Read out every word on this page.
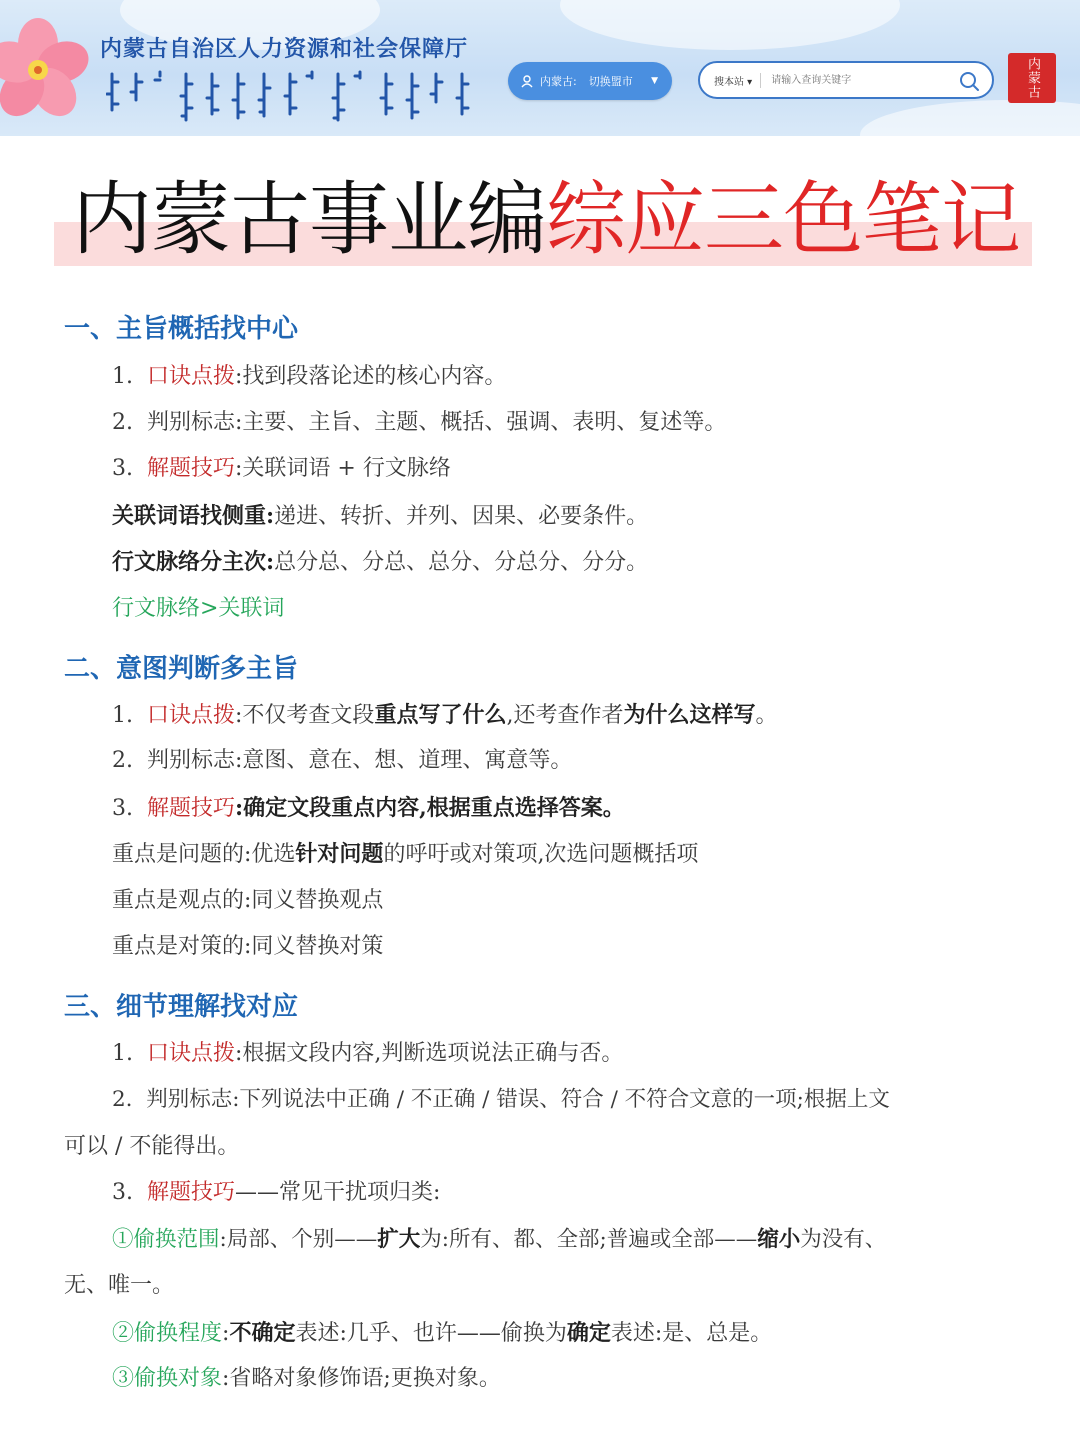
内蒙古自治区人力资源和社会保障厅
内蒙古: 切换盟市 ▼	搜本站 ▾
请输入查询关键字	内蒙古
内蒙古事业编综应三色笔记
一、主旨概括找中心
1. 口诀点拨:找到段落论述的核心内容。
2. 判别标志:主要、主旨、主题、概括、强调、表明、复述等。
3. 解题技巧:关联词语 + 行文脉络
关联词语找侧重:递进、转折、并列、因果、必要条件。
行文脉络分主次:总分总、分总、总分、分总分、分分。
行文脉络>关联词
二、意图判断多主旨
1. 口诀点拨:不仅考查文段重点写了什么,还考查作者为什么这样写。
2. 判别标志:意图、意在、想、道理、寓意等。
3. 解题技巧:确定文段重点内容,根据重点选择答案。
重点是问题的:优选针对问题的呼吁或对策项,次选问题概括项
重点是观点的:同义替换观点
重点是对策的:同义替换对策
三、细节理解找对应
1. 口诀点拨:根据文段内容,判断选项说法正确与否。
2. 判别标志:下列说法中正确 / 不正确 / 错误、符合 / 不符合文意的一项;根据上文
可以 / 不能得出。
3. 解题技巧——常见干扰项归类:
①偷换范围:局部、个别——扩大为:所有、都、全部;普遍或全部——缩小为没有、
无、唯一。
②偷换程度:不确定表述:几乎、也许——偷换为确定表述:是、总是。
③偷换对象:省略对象修饰语;更换对象。
